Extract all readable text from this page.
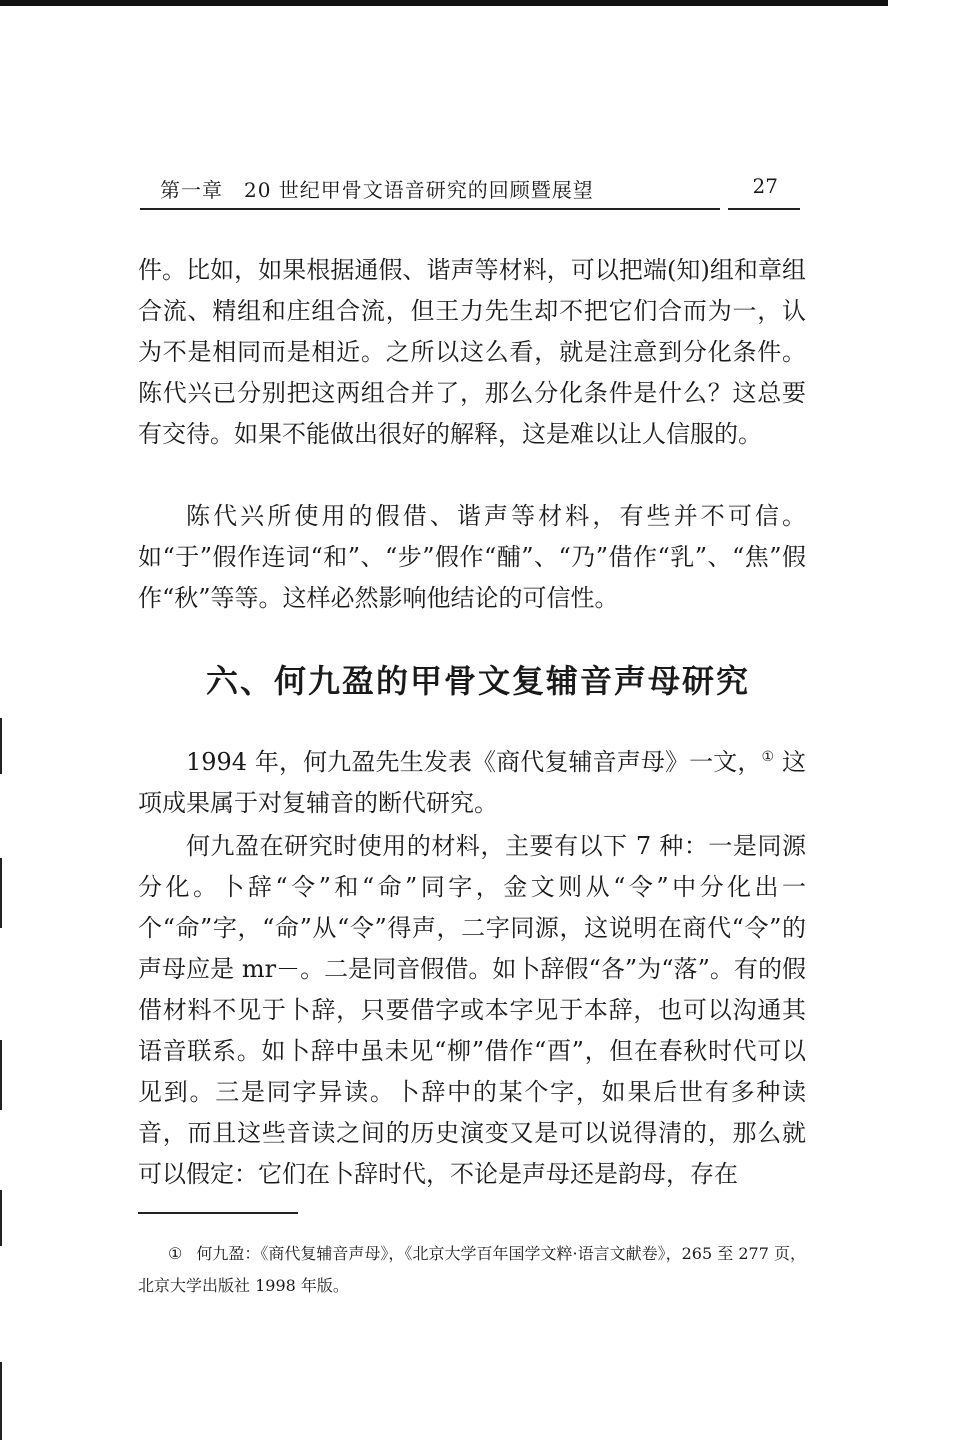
第一章　20 世纪甲骨文语音研究的回顾暨展望	27

件。比如，如果根据通假、谐声等材料，可以把端(知)组和章组合流、精组和庄组合流，但王力先生却不把它们合而为一，认为不是相同而是相近。之所以这么看，就是注意到分化条件。陈代兴已分别把这两组合并了，那么分化条件是什么？这总要有交待。如果不能做出很好的解释，这是难以让人信服的。

陈代兴所使用的假借、谐声等材料，有些并不可信。如“于”假作连词“和”、“步”假作“酺”、“乃”借作“乳”、“焦”假作“秋”等等。这样必然影响他结论的可信性。

六、何九盈的甲骨文复辅音声母研究

1994 年，何九盈先生发表《商代复辅音声母》一文，① 这项成果属于对复辅音的断代研究。

何九盈在研究时使用的材料，主要有以下 7 种：一是同源分化。卜辞“令”和“命”同字，金文则从“令”中分化出一个“命”字，“命”从“令”得声，二字同源，这说明在商代“令”的声母应是 mr－。二是同音假借。如卜辞假“各”为“落”。有的假借材料不见于卜辞，只要借字或本字见于本辞，也可以沟通其语音联系。如卜辞中虽未见“柳”借作“酉”，但在春秋时代可以见到。三是同字异读。卜辞中的某个字，如果后世有多种读音，而且这些音读之间的历史演变又是可以说得清的，那么就可以假定：它们在卜辞时代，不论是声母还是韵母，存在

① 何九盈：《商代复辅音声母》，《北京大学百年国学文粹·语言文献卷》，265 至 277 页，北京大学出版社 1998 年版。
